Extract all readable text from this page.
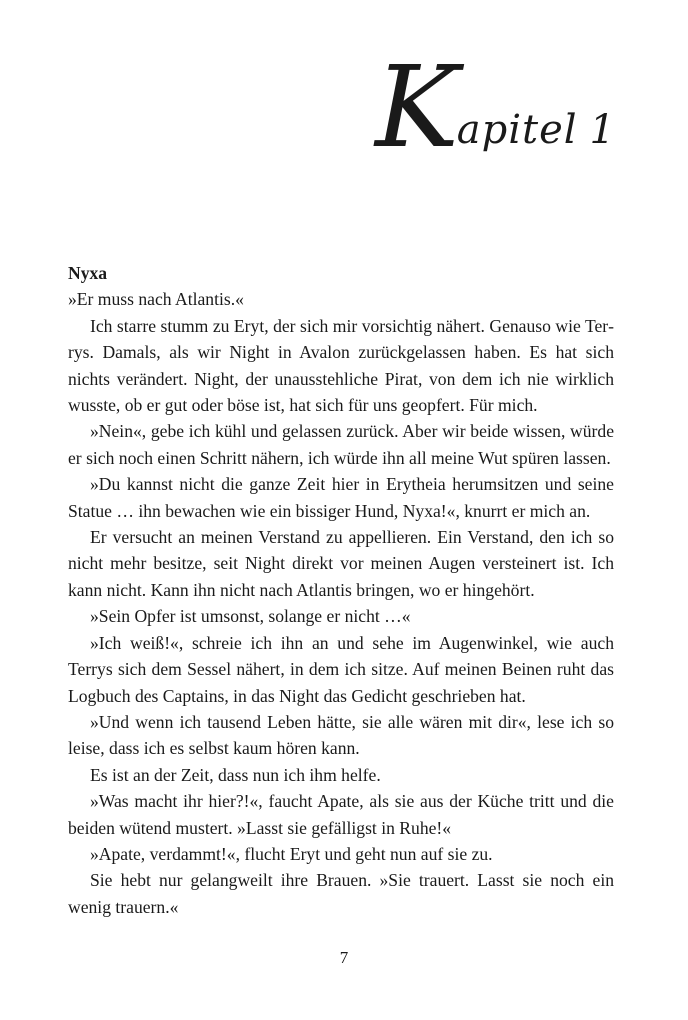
K
apitel 1

Nyxa

»Er muss nach Atlantis.«

Ich starre stumm zu Eryt, der sich mir vorsichtig nähert. Genauso wie Terrys. Damals, als wir Night in Avalon zurückgelassen haben. Es hat sich nichts verändert. Night, der unausstehliche Pirat, von dem ich nie wirklich wusste, ob er gut oder böse ist, hat sich für uns geopfert. Für mich.

»Nein«, gebe ich kühl und gelassen zurück. Aber wir beide wissen, würde er sich noch einen Schritt nähern, ich würde ihn all meine Wut spüren lassen.

»Du kannst nicht die ganze Zeit hier in Erytheia herumsitzen und seine Statue … ihn bewachen wie ein bissiger Hund, Nyxa!«, knurrt er mich an.

Er versucht an meinen Verstand zu appellieren. Ein Verstand, den ich so nicht mehr besitze, seit Night direkt vor meinen Augen versteinert ist. Ich kann nicht. Kann ihn nicht nach Atlantis bringen, wo er hingehört.

»Sein Opfer ist umsonst, solange er nicht …«

»Ich weiß!«, schreie ich ihn an und sehe im Augenwinkel, wie auch Terrys sich dem Sessel nähert, in dem ich sitze. Auf meinen Beinen ruht das Logbuch des Captains, in das Night das Gedicht geschrieben hat.

»Und wenn ich tausend Leben hätte, sie alle wären mit dir«, lese ich so leise, dass ich es selbst kaum hören kann.

Es ist an der Zeit, dass nun ich ihm helfe.

»Was macht ihr hier?!«, faucht Apate, als sie aus der Küche tritt und die beiden wütend mustert. »Lasst sie gefälligst in Ruhe!«

»Apate, verdammt!«, flucht Eryt und geht nun auf sie zu.

Sie hebt nur gelangweilt ihre Brauen. »Sie trauert. Lasst sie noch ein wenig trauern.«

7
